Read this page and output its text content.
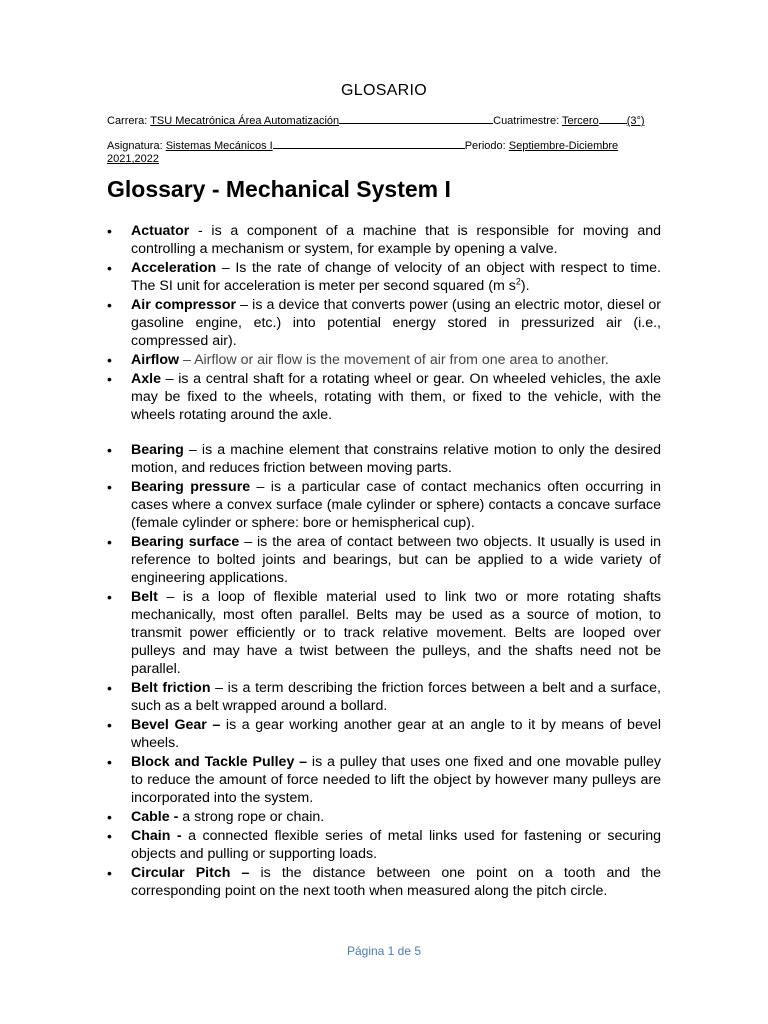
GLOSARIO
Carrera: TSU Mecatrónica Área Automatización	Cuatrimestre: Tercero	(3°)
Asignatura: Sistemas Mecánicos I	Periodo: Septiembre-Diciembre
2021,2022
Glossary - Mechanical System I
• Actuator - is a component of a machine that is responsible for moving and controlling a mechanism or system, for example by opening a valve.
• Acceleration – Is the rate of change of velocity of an object with respect to time. The SI unit for acceleration is meter per second squared (m $s^2$).
• Air compressor – is a device that converts power (using an electric motor, diesel or gasoline engine, etc.) into potential energy stored in pressurized air (i.e., compressed air).
• Airflow – Airflow or air flow is the movement of air from one area to another.
• Axle – is a central shaft for a rotating wheel or gear. On wheeled vehicles, the axle may be fixed to the wheels, rotating with them, or fixed to the vehicle, with the wheels rotating around the axle.
• Bearing – is a machine element that constrains relative motion to only the desired motion, and reduces friction between moving parts.
• Bearing pressure – is a particular case of contact mechanics often occurring in cases where a convex surface (male cylinder or sphere) contacts a concave surface (female cylinder or sphere: bore or hemispherical cup).
• Bearing surface – is the area of contact between two objects. It usually is used in reference to bolted joints and bearings, but can be applied to a wide variety of engineering applications.
• Belt – is a loop of flexible material used to link two or more rotating shafts mechanically, most often parallel. Belts may be used as a source of motion, to transmit power efficiently or to track relative movement. Belts are looped over pulleys and may have a twist between the pulleys, and the shafts need not be parallel.
• Belt friction – is a term describing the friction forces between a belt and a surface, such as a belt wrapped around a bollard.
• Bevel Gear – is a gear working another gear at an angle to it by means of bevel wheels.
• Block and Tackle Pulley – is a pulley that uses one fixed and one movable pulley to reduce the amount of force needed to lift the object by however many pulleys are incorporated into the system.
• Cable - a strong rope or chain.
• Chain - a connected flexible series of metal links used for fastening or securing objects and pulling or supporting loads.
• Circular Pitch – is the distance between one point on a tooth and the corresponding point on the next tooth when measured along the pitch circle.
Página 1 de 5
